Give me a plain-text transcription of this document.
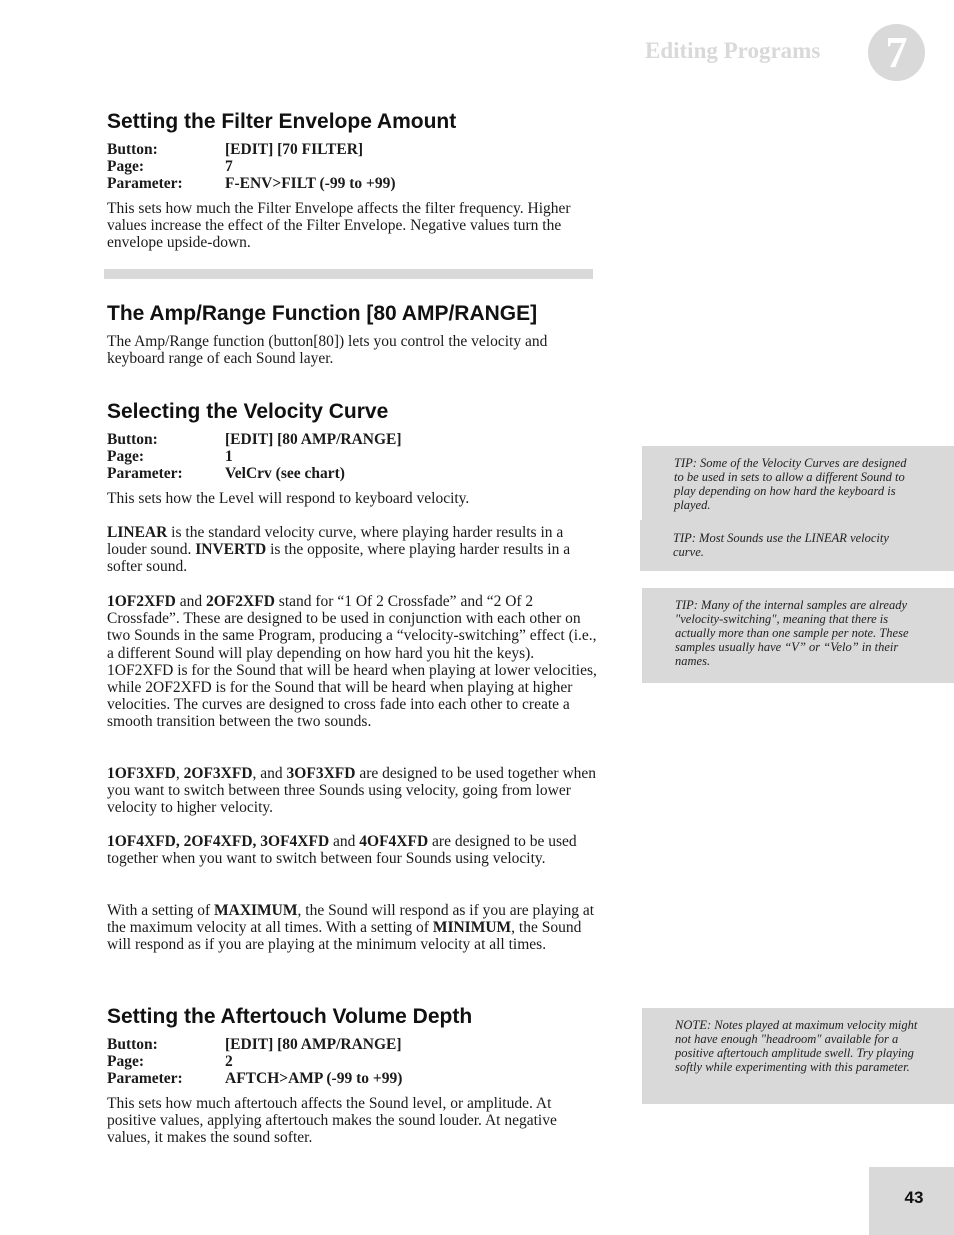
Editing Programs	7
Setting the Filter Envelope Amount
Button:	[EDIT] [70 FILTER]
Page:	7
Parameter:	F-ENV>FILT (-99 to +99)

This sets how much the Filter Envelope affects the filter frequency. Higher values increase the effect of the Filter Envelope. Negative values turn the envelope upside-down.

The Amp/Range Function [80 AMP/RANGE]

The Amp/Range function (button[80]) lets you control the velocity and keyboard range of each Sound layer.

Selecting the Velocity Curve
Button:	[EDIT] [80 AMP/RANGE]
Page:	1
Parameter:	VelCrv (see chart)

This sets how the Level will respond to keyboard velocity.

LINEAR is the standard velocity curve, where playing harder results in a louder sound. INVERTD is the opposite, where playing harder results in a softer sound.

1OF2XFD and 2OF2XFD stand for “1 Of 2 Crossfade” and “2 Of 2 Crossfade”. These are designed to be used in conjunction with each other on two Sounds in the same Program, producing a “velocity-switching” effect (i.e., a different Sound will play depending on how hard you hit the keys). 1OF2XFD is for the Sound that will be heard when playing at lower velocities, while 2OF2XFD is for the Sound that will be heard when playing at higher velocities. The curves are designed to cross fade into each other to create a smooth transition between the two sounds.

1OF3XFD, 2OF3XFD, and 3OF3XFD are designed to be used together when you want to switch between three Sounds using velocity, going from lower velocity to higher velocity.

1OF4XFD, 2OF4XFD, 3OF4XFD and 4OF4XFD are designed to be used together when you want to switch between four Sounds using velocity.

With a setting of MAXIMUM, the Sound will respond as if you are playing at the maximum velocity at all times. With a setting of MINIMUM, the Sound will respond as if you are playing at the minimum velocity at all times.

Setting the Aftertouch Volume Depth
Button:	[EDIT] [80 AMP/RANGE]
Page:	2
Parameter:	AFTCH>AMP (-99 to +99)

This sets how much aftertouch affects the Sound level, or amplitude. At positive values, applying aftertouch makes the sound louder. At negative values, it makes the sound softer.

TIP: Some of the Velocity Curves are designed to be used in sets to allow a different Sound to play depending on how hard the keyboard is played.

TIP: Most Sounds use the LINEAR velocity curve.

TIP: Many of the internal samples are already "velocity-switching", meaning that there is actually more than one sample per note. These samples usually have “V” or “Velo” in their names.

NOTE: Notes played at maximum velocity might not have enough "headroom" available for a positive aftertouch amplitude swell. Try playing softly while experimenting with this parameter.

43
